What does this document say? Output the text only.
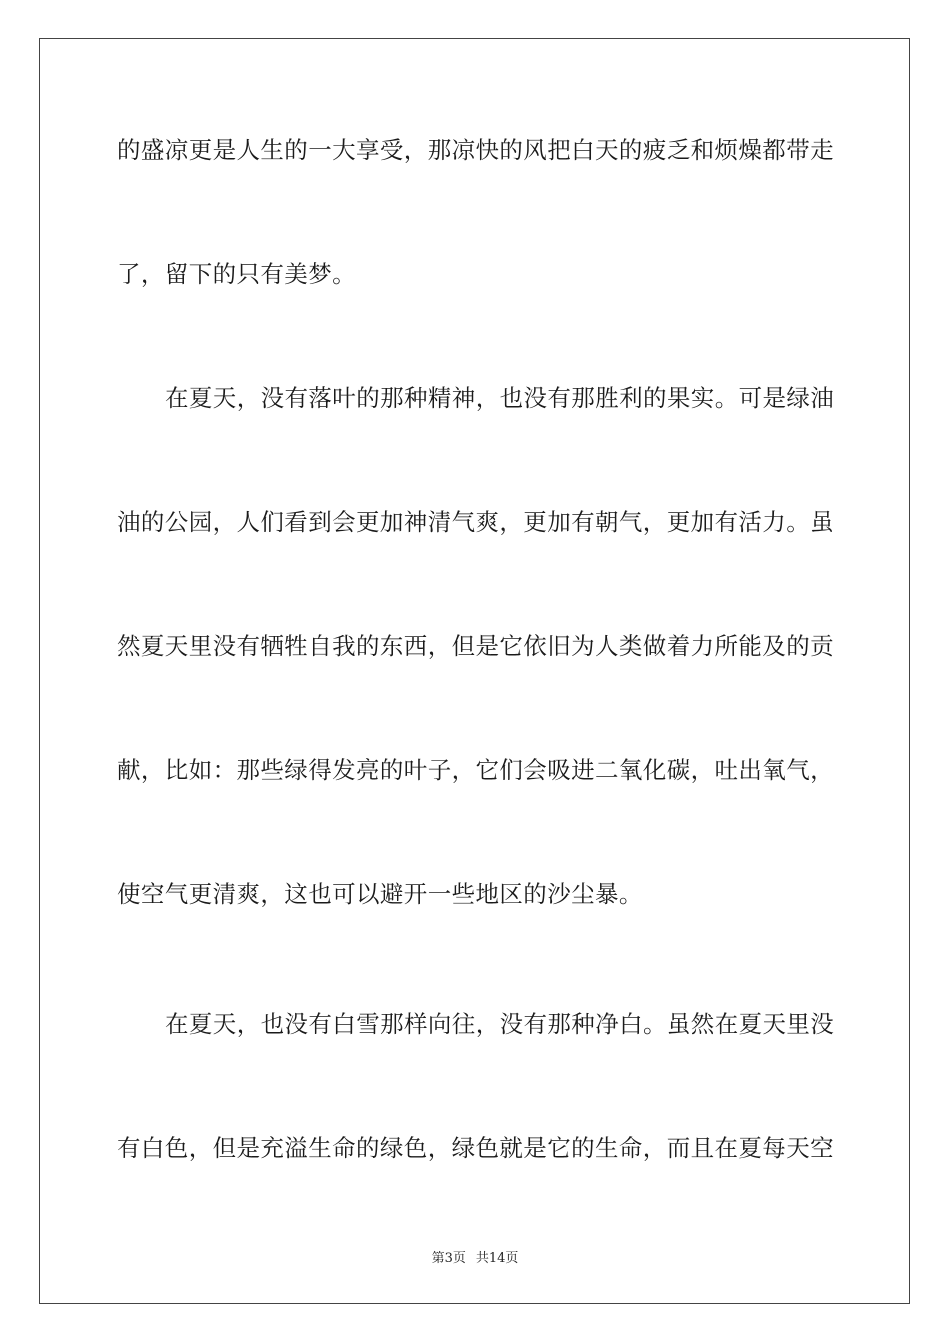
的盛凉更是人生的一大享受，那凉快的风把白天的疲乏和烦燥都带走
了，留下的只有美梦。
在夏天，没有落叶的那种精神，也没有那胜利的果实。可是绿油
油的公园，人们看到会更加神清气爽，更加有朝气，更加有活力。虽
然夏天里没有牺牲自我的东西，但是它依旧为人类做着力所能及的贡
献，比如：那些绿得发亮的叶子，它们会吸进二氧化碳，吐出氧气，
使空气更清爽，这也可以避开一些地区的沙尘暴。
在夏天，也没有白雪那样向往，没有那种净白。虽然在夏天里没
有白色，但是充溢生命的绿色，绿色就是它的生命，而且在夏每天空
第3页 共14页
